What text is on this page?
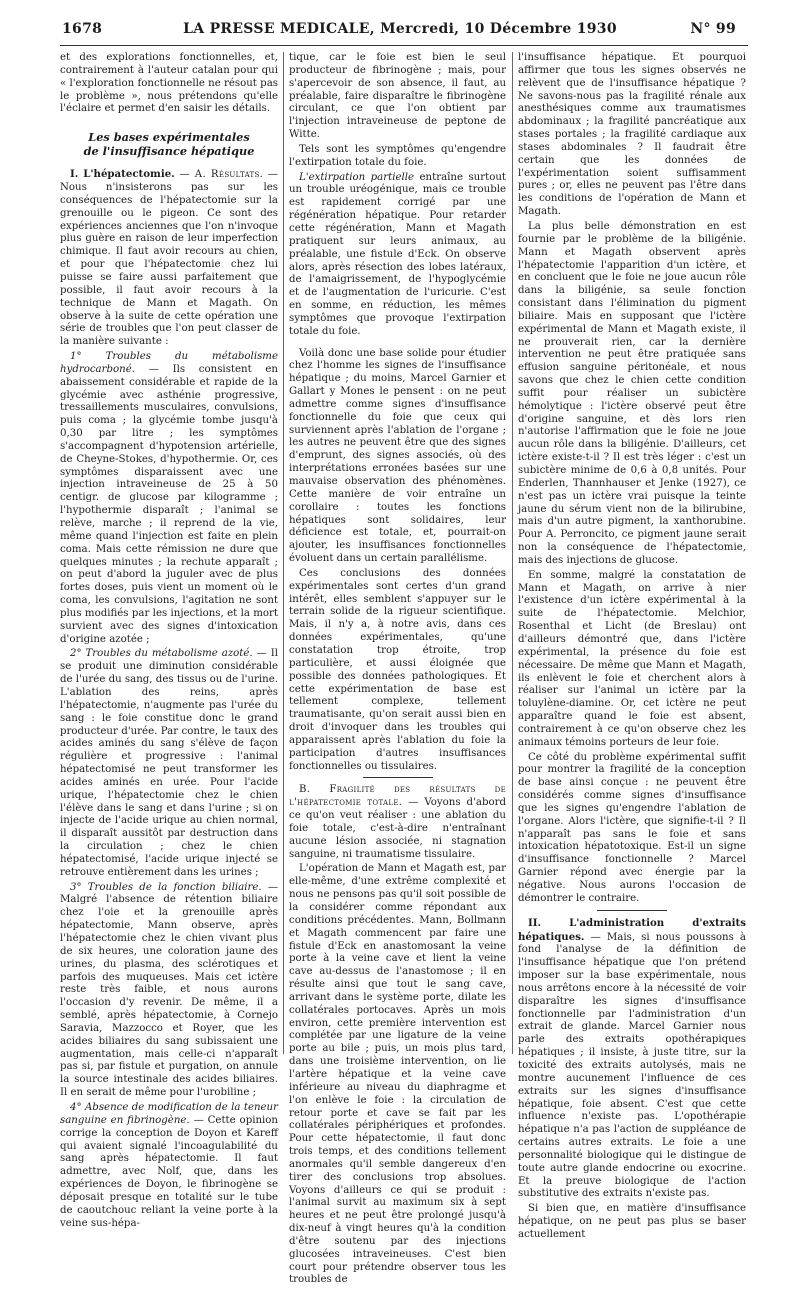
1678	LA PRESSE MEDICALE, Mercredi, 10 Décembre 1930	N° 99

et des explorations fonctionnelles, et, contrairement à l'auteur catalan pour qui « l'exploration fonctionnelle ne résout pas le problème », nous prétendons qu'elle l'éclaire et permet d'en saisir les détails.

Les bases expérimentales
de l'insuffisance hépatique

I. L'hépatectomie. — A. Résultats. — Nous n'insisterons pas sur les conséquences de l'hépatectomie sur la grenouille ou le pigeon. Ce sont des expériences anciennes que l'on n'invoque plus guère en raison de leur imperfection chimique. Il faut avoir recours au chien, et pour que l'hépatectomie chez lui puisse se faire aussi parfaitement que possible, il faut avoir recours à la technique de Mann et Magath. On observe à la suite de cette opération une série de troubles que l'on peut classer de la manière suivante :

1° Troubles du métabolisme hydrocarboné. — Ils consistent en abaissement considérable et rapide de la glycémie avec asthénie progressive, tressaillements musculaires, convulsions, puis coma ; la glycémie tombe jusqu'à 0,30 par litre ; les symptômes s'accompagnent d'hypotension artérielle, de Cheyne-Stokes, d'hypothermie. Or, ces symptômes disparaissent avec une injection intraveineuse de 25 à 50 centigr. de glucose par kilogramme ; l'hypothermie disparaît ; l'animal se relève, marche ; il reprend de la vie, même quand l'injection est faite en plein coma. Mais cette rémission ne dure que quelques minutes ; la rechute apparaît ; on peut d'abord la juguler avec de plus fortes doses, puis vient un moment où le coma, les convulsions, l'agitation ne sont plus modifiés par les injections, et la mort survient avec des signes d'intoxication d'origine azotée ;

2° Troubles du métabolisme azoté. — Il se produit une diminution considérable de l'urée du sang, des tissus ou de l'urine. L'ablation des reins, après l'hépatectomie, n'augmente pas l'urée du sang : le foie constitue donc le grand producteur d'urée. Par contre, le taux des acides aminés du sang s'élève de façon régulière et progressive : l'animal hépatectomisé ne peut transformer les acides aminés en urée. Pour l'acide urique, l'hépatectomie chez le chien l'élève dans le sang et dans l'urine ; si on injecte de l'acide urique au chien normal, il disparaît aussitôt par destruction dans la circulation ; chez le chien hépatectomisé, l'acide urique injecté se retrouve entièrement dans les urines ;

3° Troubles de la fonction biliaire. — Malgré l'absence de rétention biliaire chez l'oie et la grenouille après hépatectomie, Mann observe, après l'hépatectomie chez le chien vivant plus de six heures, une coloration jaune des urines, du plasma, des sclérotiques et parfois des muqueuses. Mais cet ictère reste très faible, et nous aurons l'occasion d'y revenir. De même, il a semblé, après hépatectomie, à Cornejo Saravia, Mazzocco et Royer, que les acides biliaires du sang subissaient une augmentation, mais celle-ci n'apparaît pas si, par fistule et purgation, on annule la source intestinale des acides biliaires. Il en serait de même pour l'urobiline ;

4° Absence de modification de la teneur sanguine en fibrinogène. — Cette opinion corrige la conception de Doyon et Kareff qui avaient signalé l'incoagulabilité du sang après hépatectomie. Il faut admettre, avec Nolf, que, dans les expériences de Doyon, le fibrinogène se déposait presque en totalité sur le tube de caoutchouc reliant la veine porte à la veine sus-hépa-

tique, car le foie est bien le seul producteur de fibrinogène ; mais, pour s'apercevoir de son absence, il faut, au préalable, faire disparaître le fibrinogène circulant, ce que l'on obtient par l'injection intraveineuse de peptone de Witte.

Tels sont les symptômes qu'engendre l'extirpation totale du foie.

L'extirpation partielle entraîne surtout un trouble uréogénique, mais ce trouble est rapidement corrigé par une régénération hépatique. Pour retarder cette régénération, Mann et Magath pratiquent sur leurs animaux, au préalable, une fistule d'Eck. On observe alors, après résection des lobes latéraux, de l'amaigrissement, de l'hypoglycémie et de l'augmentation de l'uricurie. C'est en somme, en réduction, les mêmes symptômes que provoque l'extirpation totale du foie.

Voilà donc une base solide pour étudier chez l'homme les signes de l'insuffisance hépatique ; du moins, Marcel Garnier et Gallart y Mones le pensent : on ne peut admettre comme signes d'insuffisance fonctionnelle du foie que ceux qui surviennent après l'ablation de l'organe ; les autres ne peuvent être que des signes d'emprunt, des signes associés, où des interprétations erronées basées sur une mauvaise observation des phénomènes. Cette manière de voir entraîne un corollaire : toutes les fonctions hépatiques sont solidaires, leur déficience est totale, et, pourrait-on ajouter, les insuffisances fonctionnelles évoluent dans un certain parallélisme.

Ces conclusions des données expérimentales sont certes d'un grand intérêt, elles semblent s'appuyer sur le terrain solide de la rigueur scientifique. Mais, il n'y a, à notre avis, dans ces données expérimentales, qu'une constatation trop étroite, trop particulière, et aussi éloignée que possible des données pathologiques. Et cette expérimentation de base est tellement complexe, tellement traumatisante, qu'on serait aussi bien en droit d'invoquer dans les troubles qui apparaissent après l'ablation du foie la participation d'autres insuffisances fonctionnelles ou tissulaires.

B. Fragilité des résultats de l'hépatectomie totale. — Voyons d'abord ce qu'on veut réaliser : une ablation du foie totale, c'est-à-dire n'entraînant aucune lésion associée, ni stagnation sanguine, ni traumatisme tissulaire.

L'opération de Mann et Magath est, par elle-même, d'une extrême complexité et nous ne pensons pas qu'il soit possible de la considérer comme répondant aux conditions précédentes. Mann, Bollmann et Magath commencent par faire une fistule d'Eck en anastomosant la veine porte à la veine cave et lient la veine cave au-dessus de l'anastomose ; il en résulte ainsi que tout le sang cave, arrivant dans le système porte, dilate les collatérales portocaves. Après un mois environ, cette première intervention est complétée par une ligature de la veine porte au bile ; puis, un mois plus tard, dans une troisième intervention, on lie l'artère hépatique et la veine cave inférieure au niveau du diaphragme et l'on enlève le foie : la circulation de retour porte et cave se fait par les collatérales périphériques et profondes. Pour cette hépatectomie, il faut donc trois temps, et des conditions tellement anormales qu'il semble dangereux d'en tirer des conclusions trop absolues. Voyons d'ailleurs ce qui se produit : l'animal survit au maximum six à sept heures et ne peut être prolongé jusqu'à dix-neuf à vingt heures qu'à la condition d'être soutenu par des injections glucosées intraveineuses. C'est bien court pour prétendre observer tous les troubles de

l'insuffisance hépatique. Et pourquoi affirmer que tous les signes observés ne relèvent que de l'insuffisance hépatique ? Ne savons-nous pas la fragilité rénale aux anesthésiques comme aux traumatismes abdominaux ; la fragilité pancréatique aux stases portales ; la fragilité cardiaque aux stases abdominales ? Il faudrait être certain que les données de l'expérimentation soient suffisamment pures ; or, elles ne peuvent pas l'être dans les conditions de l'opération de Mann et Magath.

La plus belle démonstration en est fournie par le problème de la biligénie. Mann et Magath observent après l'hépatectomie l'apparition d'un ictère, et en concluent que le foie ne joue aucun rôle dans la biligénie, sa seule fonction consistant dans l'élimination du pigment biliaire. Mais en supposant que l'ictère expérimental de Mann et Magath existe, il ne prouverait rien, car la dernière intervention ne peut être pratiquée sans effusion sanguine péritonéale, et nous savons que chez le chien cette condition suffit pour réaliser un subictère hémolytique : l'ictère observé peut être d'origine sanguine, et dès lors rien n'autorise l'affirmation que le foie ne joue aucun rôle dans la biligénie. D'ailleurs, cet ictère existe-t-il ? Il est très léger : c'est un subictère minime de 0,6 à 0,8 unités. Pour Enderlen, Thannhauser et Jenke (1927), ce n'est pas un ictère vrai puisque la teinte jaune du sérum vient non de la bilirubine, mais d'un autre pigment, la xanthorubine. Pour A. Perroncito, ce pigment jaune serait non la conséquence de l'hépatectomie, mais des injections de glucose.

En somme, malgré la constatation de Mann et Magath, on arrive à nier l'existence d'un ictère expérimental à la suite de l'hépatectomie. Melchior, Rosenthal et Licht (de Breslau) ont d'ailleurs démontré que, dans l'ictère expérimental, la présence du foie est nécessaire. De même que Mann et Magath, ils enlèvent le foie et cherchent alors à réaliser sur l'animal un ictère par la toluylène-diamine. Or, cet ictère ne peut apparaître quand le foie est absent, contrairement à ce qu'on observe chez les animaux témoins porteurs de leur foie.

Ce côté du problème expérimental suffit pour montrer la fragilité de la conception de base ainsi conçue : ne peuvent être considérés comme signes d'insuffisance que les signes qu'engendre l'ablation de l'organe. Alors l'ictère, que signifie-t-il ? Il n'apparaît pas sans le foie et sans intoxication hépatotoxique. Est-il un signe d'insuffisance fonctionnelle ? Marcel Garnier répond avec énergie par la négative. Nous aurons l'occasion de démontrer le contraire.

II. L'administration d'extraits hépatiques. — Mais, si nous poussons à fond l'analyse de la définition de l'insuffisance hépatique que l'on prétend imposer sur la base expérimentale, nous nous arrêtons encore à la nécessité de voir disparaître les signes d'insuffisance fonctionnelle par l'administration d'un extrait de glande. Marcel Garnier nous parle des extraits opothérapiques hépatiques ; il insiste, à juste titre, sur la toxicité des extraits autolysés, mais ne montre aucunement l'influence de ces extraits sur les signes d'insuffisance hépatique, foie absent. C'est que cette influence n'existe pas. L'opothérapie hépatique n'a pas l'action de suppléance de certains autres extraits. Le foie a une personnalité biologique qui le distingue de toute autre glande endocrine ou exocrine. Et la preuve biologique de l'action substitutive des extraits n'existe pas.

Si bien que, en matière d'insuffisance hépatique, on ne peut pas plus se baser actuellement
